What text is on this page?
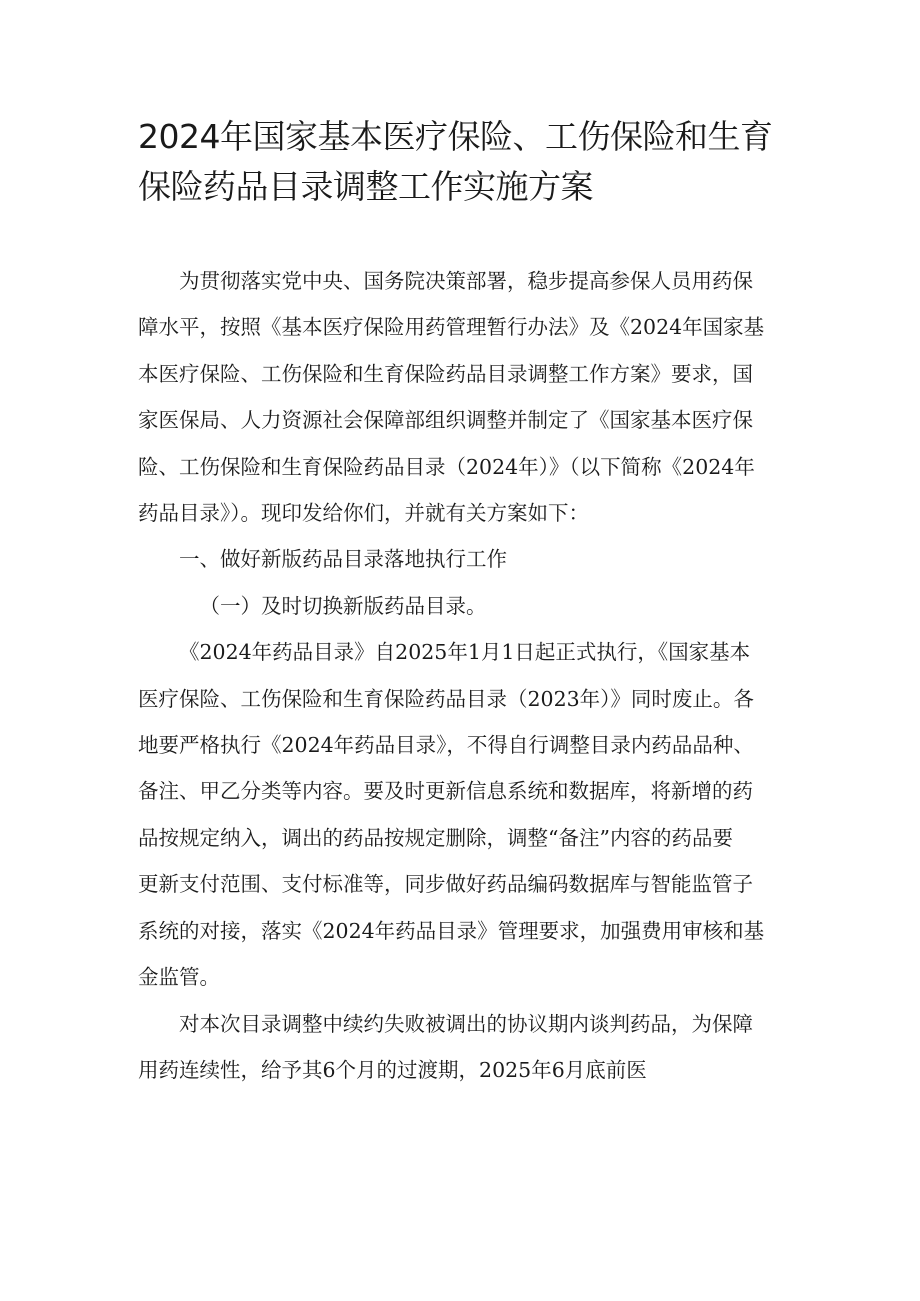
2024年国家基本医疗保险、工伤保险和生育
保险药品目录调整工作实施方案

为贯彻落实党中央、国务院决策部署，稳步提高参保人员用药保
障水平，按照《基本医疗保险用药管理暂行办法》及《2024年国家基
本医疗保险、工伤保险和生育保险药品目录调整工作方案》要求，国
家医保局、人力资源社会保障部组织调整并制定了《国家基本医疗保
险、工伤保险和生育保险药品目录（2024年）》（以下简称《2024年
药品目录》）。现印发给你们，并就有关方案如下：

一、做好新版药品目录落地执行工作

（一）及时切换新版药品目录。

《2024年药品目录》自2025年1月1日起正式执行，《国家基本
医疗保险、工伤保险和生育保险药品目录（2023年）》同时废止。各
地要严格执行《2024年药品目录》，不得自行调整目录内药品品种、
备注、甲乙分类等内容。要及时更新信息系统和数据库，将新增的药
品按规定纳入，调出的药品按规定删除，调整“备注”内容的药品要
更新支付范围、支付标准等，同步做好药品编码数据库与智能监管子
系统的对接，落实《2024年药品目录》管理要求，加强费用审核和基
金监管。

对本次目录调整中续约失败被调出的协议期内谈判药品，为保障
用药连续性，给予其6个月的过渡期，2025年6月底前医
